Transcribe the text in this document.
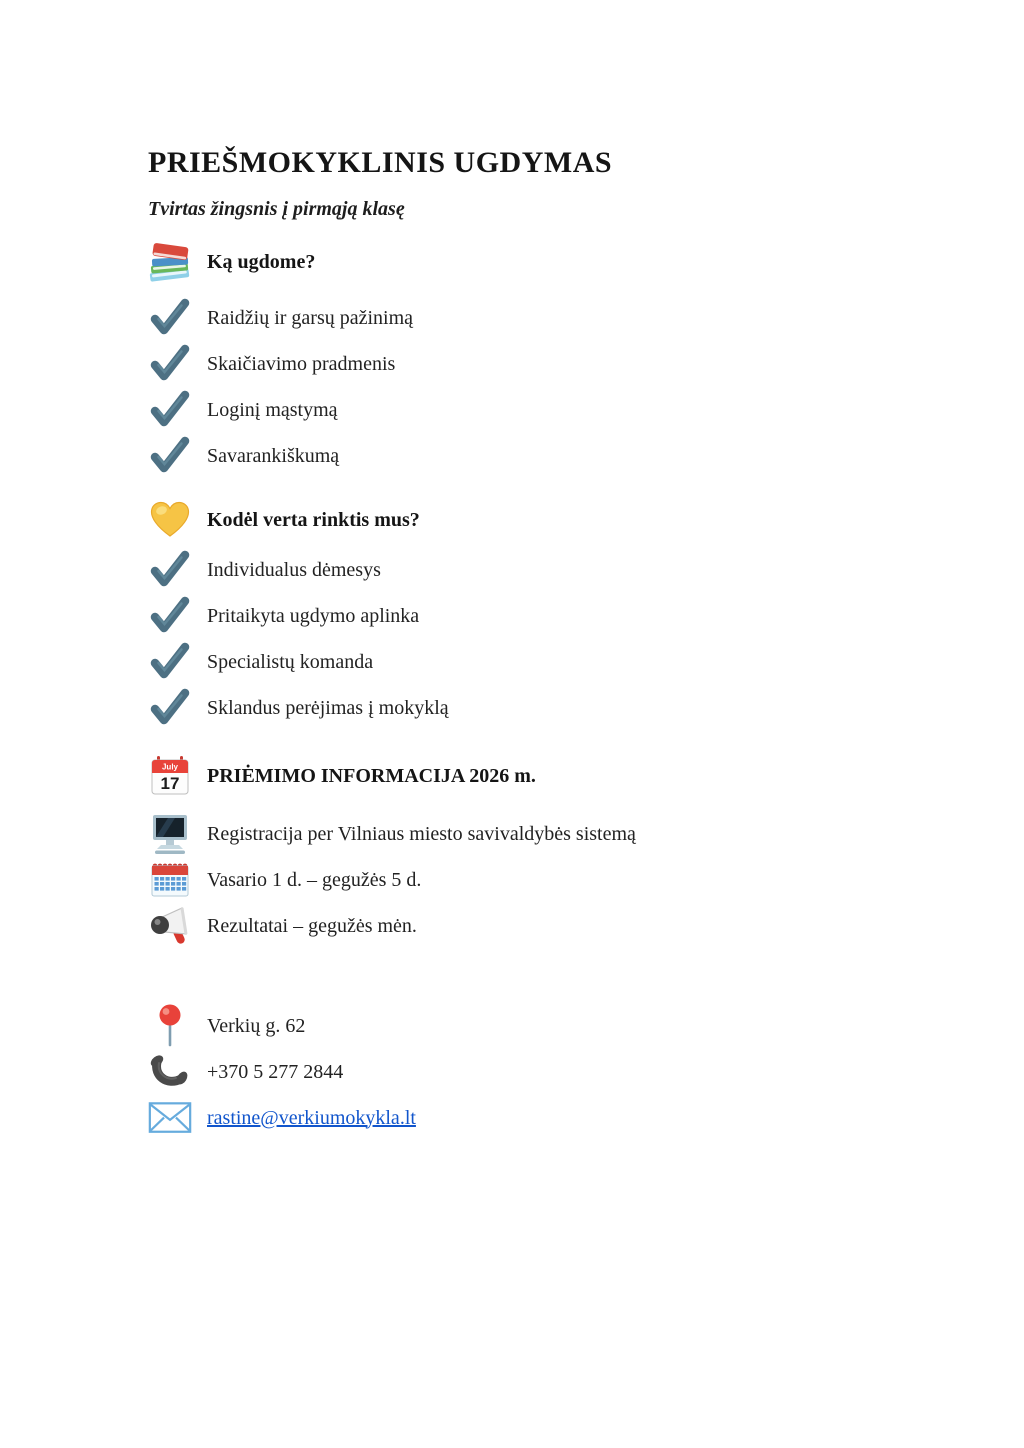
PRIEŠMOKYKLINIS UGDYMAS

Tvirtas žingsnis į pirmąją klasę

Ką ugdome?
Raidžių ir garsų pažinimą
Skaičiavimo pradmenis
Loginį mąstymą
Savarankiškumą
Kodėl verta rinktis mus?
Individualus dėmesys
Pritaikyta ugdymo aplinka
Specialistų komanda
Sklandus perėjimas į mokyklą
July
17 PRIĖMIMO INFORMACIJA 2026 m.
Registracija per Vilniaus miesto savivaldybės sistemą
Vasario 1 d. – gegužės 5 d.
Rezultatai – gegužės mėn.
Verkių g. 62
+370 5 277 2844
rastine@verkiumokykla.lt
